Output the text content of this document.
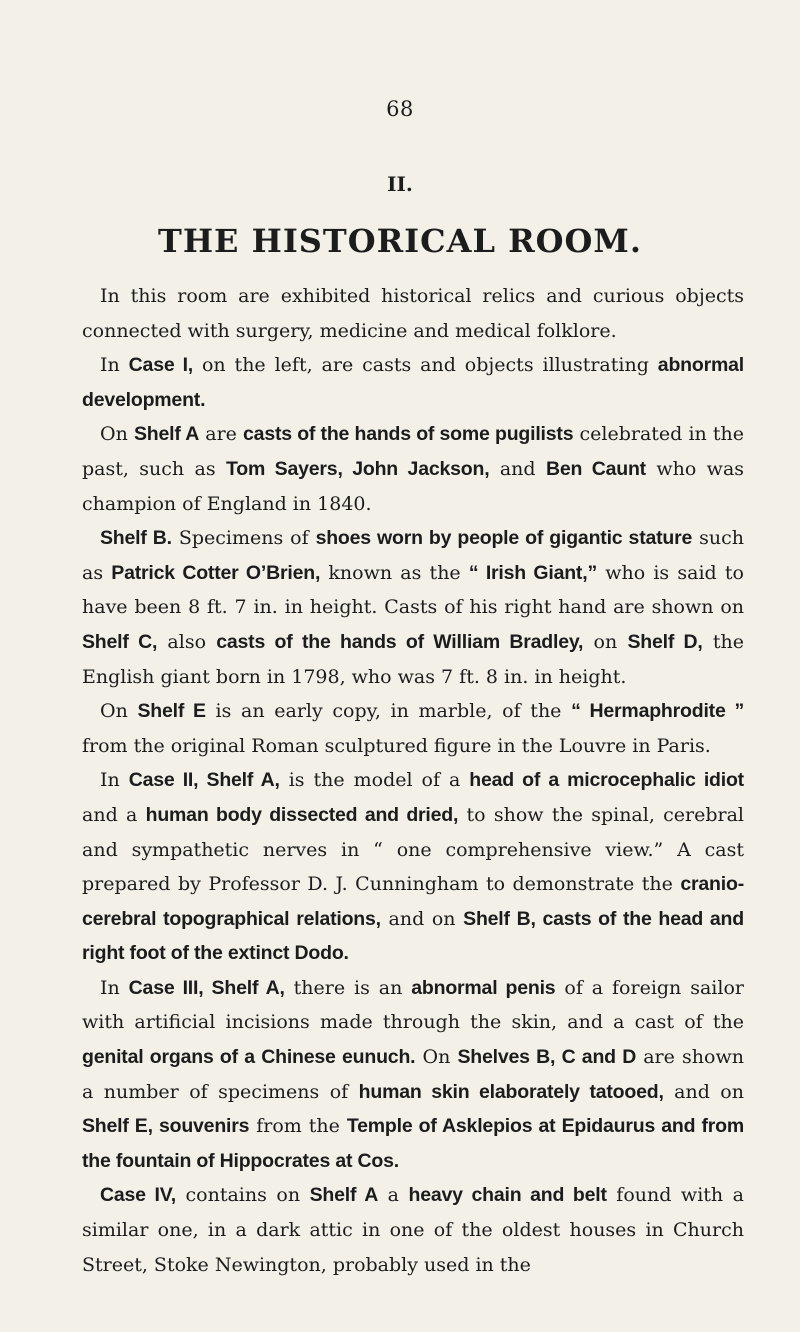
68
II.
THE HISTORICAL ROOM.

In this room are exhibited historical relics and curious objects connected with surgery, medicine and medical folklore.

In Case I, on the left, are casts and objects illustrating abnormal development.

On Shelf A are casts of the hands of some pugilists celebrated in the past, such as Tom Sayers, John Jackson, and Ben Caunt who was champion of England in 1840.

Shelf B. Specimens of shoes worn by people of gigantic stature such as Patrick Cotter O’Brien, known as the “ Irish Giant,” who is said to have been 8 ft. 7 in. in height. Casts of his right hand are shown on Shelf C, also casts of the hands of William Bradley, on Shelf D, the English giant born in 1798, who was 7 ft. 8 in. in height.

On Shelf E is an early copy, in marble, of the “ Hermaphrodite ” from the original Roman sculptured figure in the Louvre in Paris.

In Case II, Shelf A, is the model of a head of a microcephalic idiot and a human body dissected and dried, to show the spinal, cerebral and sympathetic nerves in “ one comprehensive view.” A cast prepared by Professor D. J. Cunningham to demonstrate the cranio-cerebral topographical relations, and on Shelf B, casts of the head and right foot of the extinct Dodo.

In Case III, Shelf A, there is an abnormal penis of a foreign sailor with artificial incisions made through the skin, and a cast of the genital organs of a Chinese eunuch. On Shelves B, C and D are shown a number of specimens of human skin elaborately tatooed, and on Shelf E, souvenirs from the Temple of Asklepios at Epidaurus and from the fountain of Hippocrates at Cos.

Case IV, contains on Shelf A a heavy chain and belt found with a similar one, in a dark attic in one of the oldest houses in Church Street, Stoke Newington, probably used in the
